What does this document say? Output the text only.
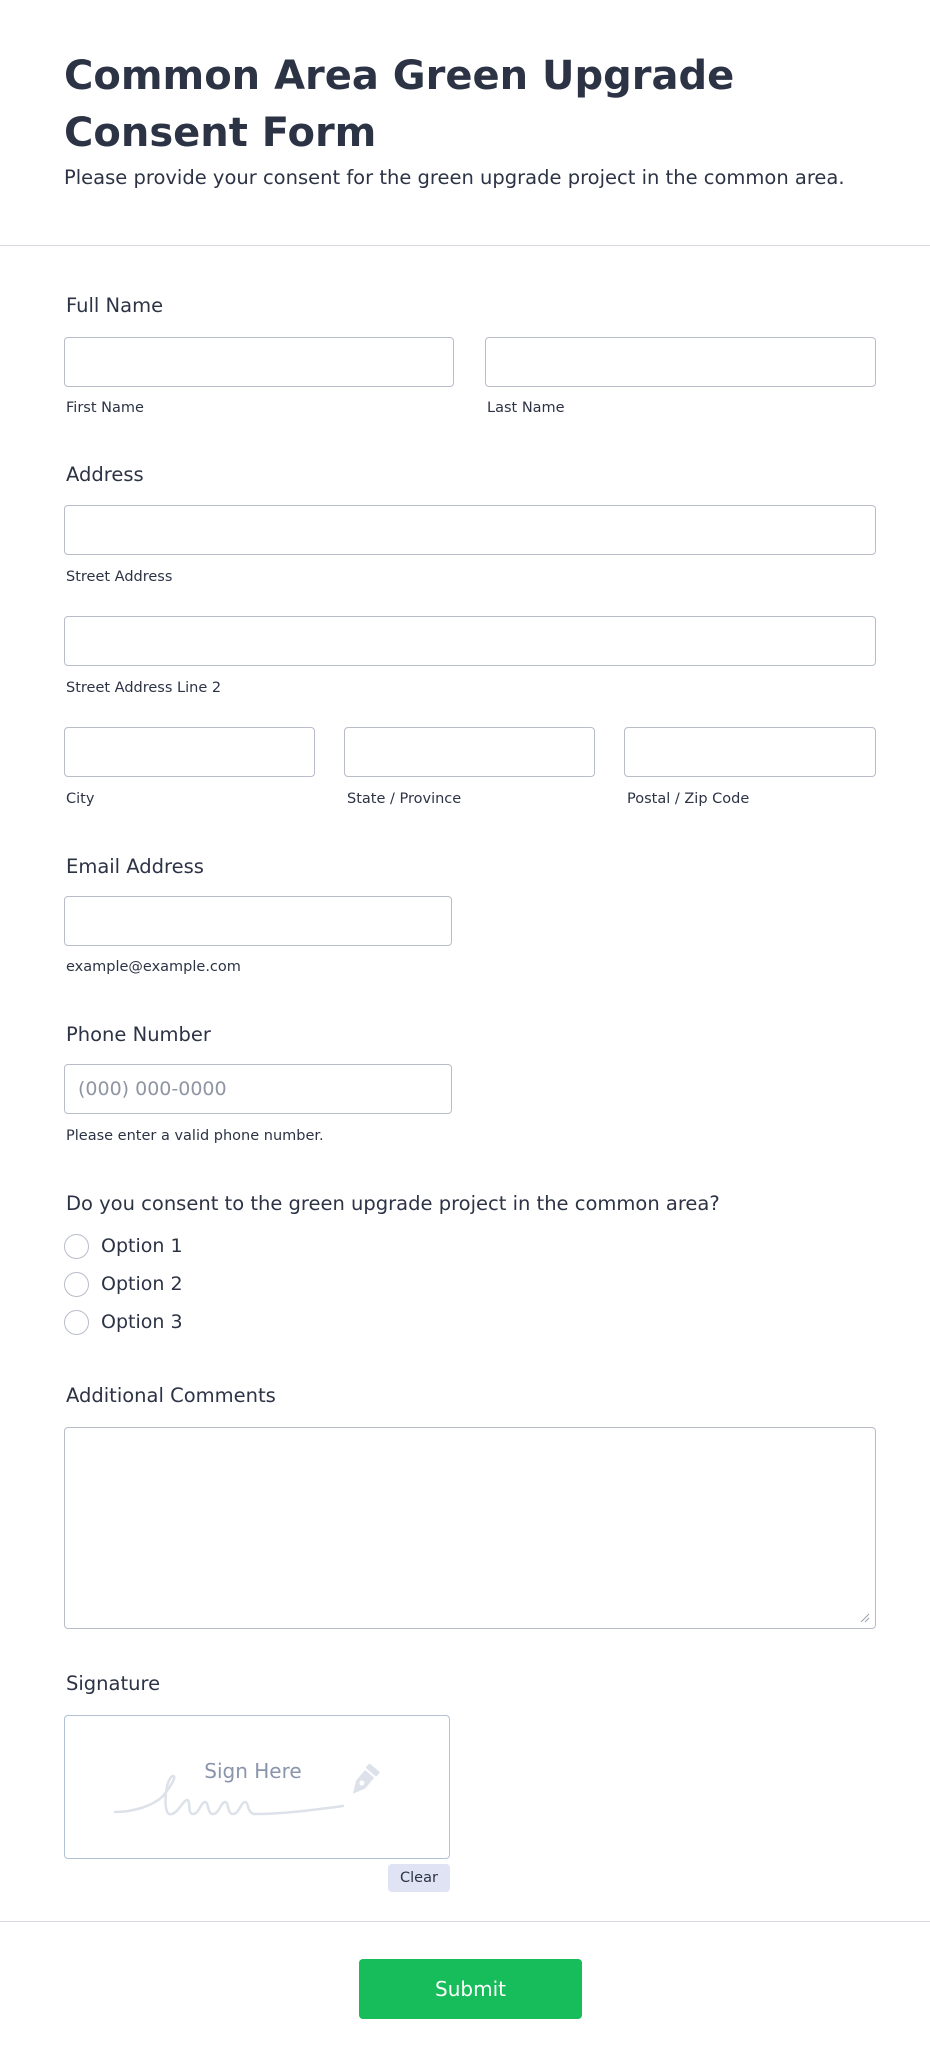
Common Area Green Upgrade Consent Form

Please provide your consent for the green upgrade project in the common area.

Full Name
First Name	Last Name
Address
Street Address
Street Address Line 2
City	State / Province	Postal / Zip Code
Email Address
example@example.com
Phone Number
(000) 000-0000
Please enter a valid phone number.
Do you consent to the green upgrade project in the common area?
Option 1
Option 2
Option 3
Additional Comments
Signature
Sign Here
Clear
Submit
